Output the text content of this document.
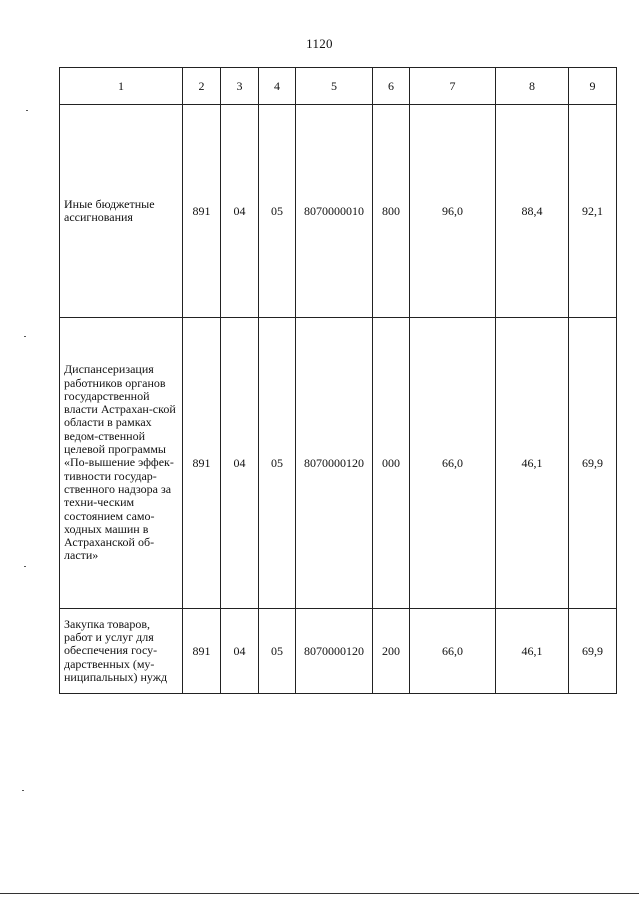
1120
1	2	3	4	5	6	7	8	9

Иные бюджетные ассигнования	891	04	05	8070000010	800	96,0	88,4	92,1

Диспансеризация работников органов государственной власти Астрахан-ской области в рамках ведом-ственной целевой программы «По-вышение эффек-тивности государ-ственного надзора за техни-ческим состоянием само-ходных машин в Астраханской об-ласти»	891	04	05	8070000120	000	66,0	46,1	69,9

Закупка товаров, работ и услуг для обеспечения госу-дарственных (му-ниципальных) нужд	891	04	05	8070000120	200	66,0	46,1	69,9
